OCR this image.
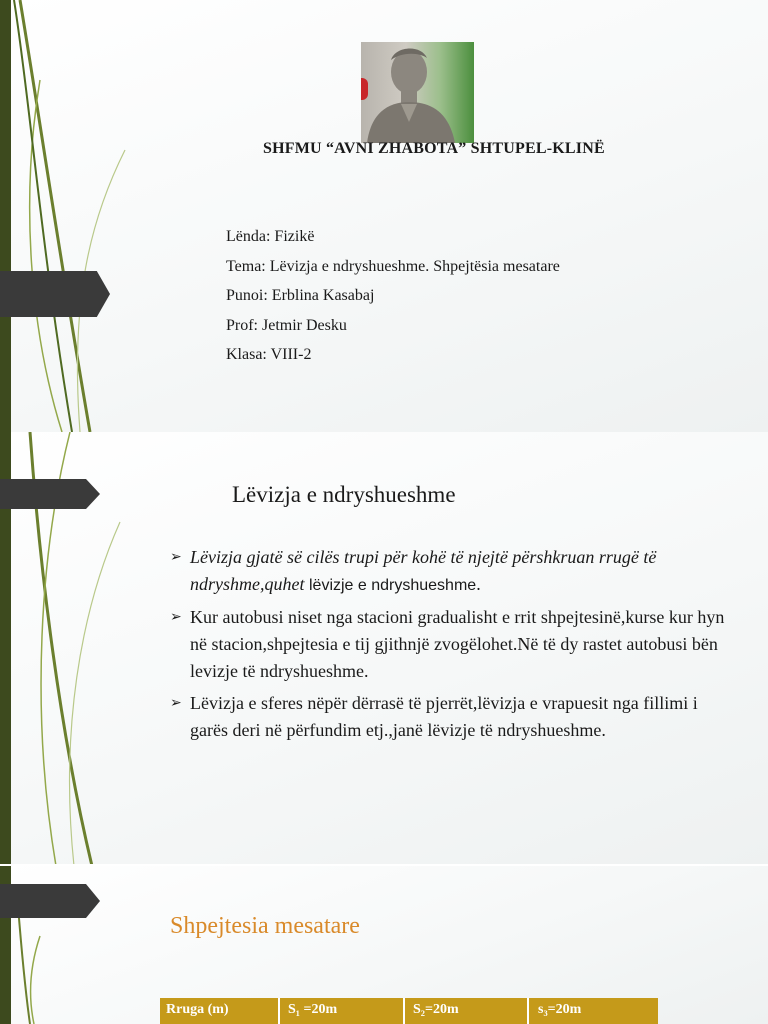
SHFMU “AVNI ZHABOTA” SHTUPEL-KLINË
Lënda: Fizikë
Tema: Lëvizja e ndryshueshme. Shpejtësia mesatare
Punoi: Erblina Kasabaj
Prof: Jetmir Desku
Klasa: VIII-2
Lëvizja e ndryshueshme
➢ Lëvizja gjatë së cilës trupi për kohë të njejtë përshkruan rrugë të ndryshme,quhet lëvizje e ndryshueshme.
➢ Kur autobusi niset nga stacioni gradualisht e rrit shpejtesinë,kurse kur hyn në stacion,shpejtesia e tij gjithnjë zvogëlohet.Në të dy rastet autobusi bën levizje të ndryshueshme.
➢ Lëvizja e sferes nëpër dërrasë të pjerrët,lëvizja e vrapuesit nga fillimi i garës deri në përfundim etj.,janë lëvizje të ndryshueshme.
Shpejtesia mesatare
Rruga (m)	S₁ =20m	S₂=20m	s₃=20m
